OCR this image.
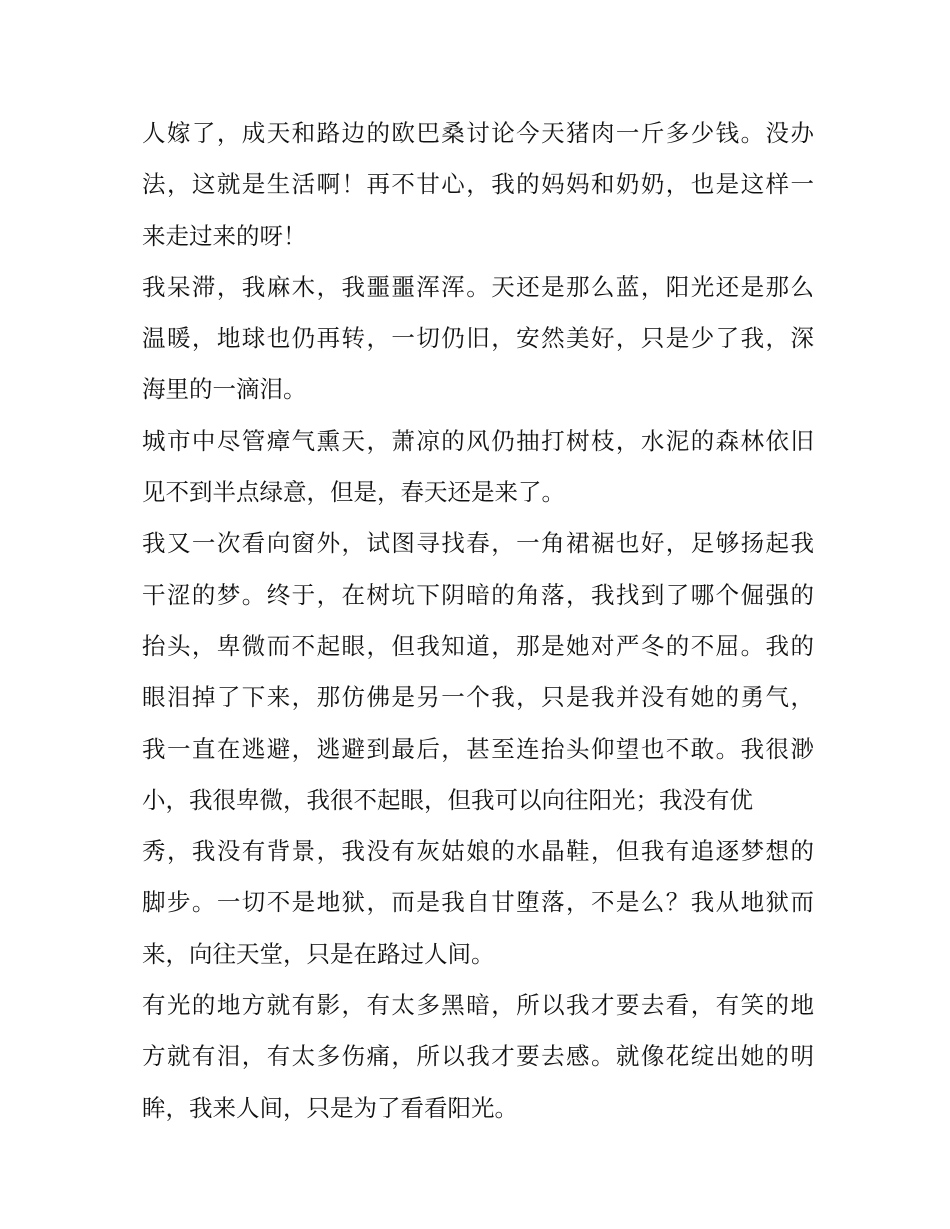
人嫁了，成天和路边的欧巴桑讨论今天猪肉一斤多少钱。没办
法，这就是生活啊！再不甘心，我的妈妈和奶奶，也是这样一
来走过来的呀！
我呆滞，我麻木，我噩噩浑浑。天还是那么蓝，阳光还是那么
温暖，地球也仍再转，一切仍旧，安然美好，只是少了我，深
海里的一滴泪。
城市中尽管瘴气熏天，萧凉的风仍抽打树枝，水泥的森林依旧
见不到半点绿意，但是，春天还是来了。
我又一次看向窗外，试图寻找春，一角裙裾也好，足够扬起我
干涩的梦。终于，在树坑下阴暗的角落，我找到了哪个倔强的
抬头，卑微而不起眼，但我知道，那是她对严冬的不屈。我的
眼泪掉了下来，那仿佛是另一个我，只是我并没有她的勇气，
我一直在逃避，逃避到最后，甚至连抬头仰望也不敢。我很渺
小，我很卑微，我很不起眼，但我可以向往阳光；我没有优
秀，我没有背景，我没有灰姑娘的水晶鞋，但我有追逐梦想的
脚步。一切不是地狱，而是我自甘堕落，不是么？我从地狱而
来，向往天堂，只是在路过人间。
有光的地方就有影，有太多黑暗，所以我才要去看，有笑的地
方就有泪，有太多伤痛，所以我才要去感。就像花绽出她的明
眸，我来人间，只是为了看看阳光。
